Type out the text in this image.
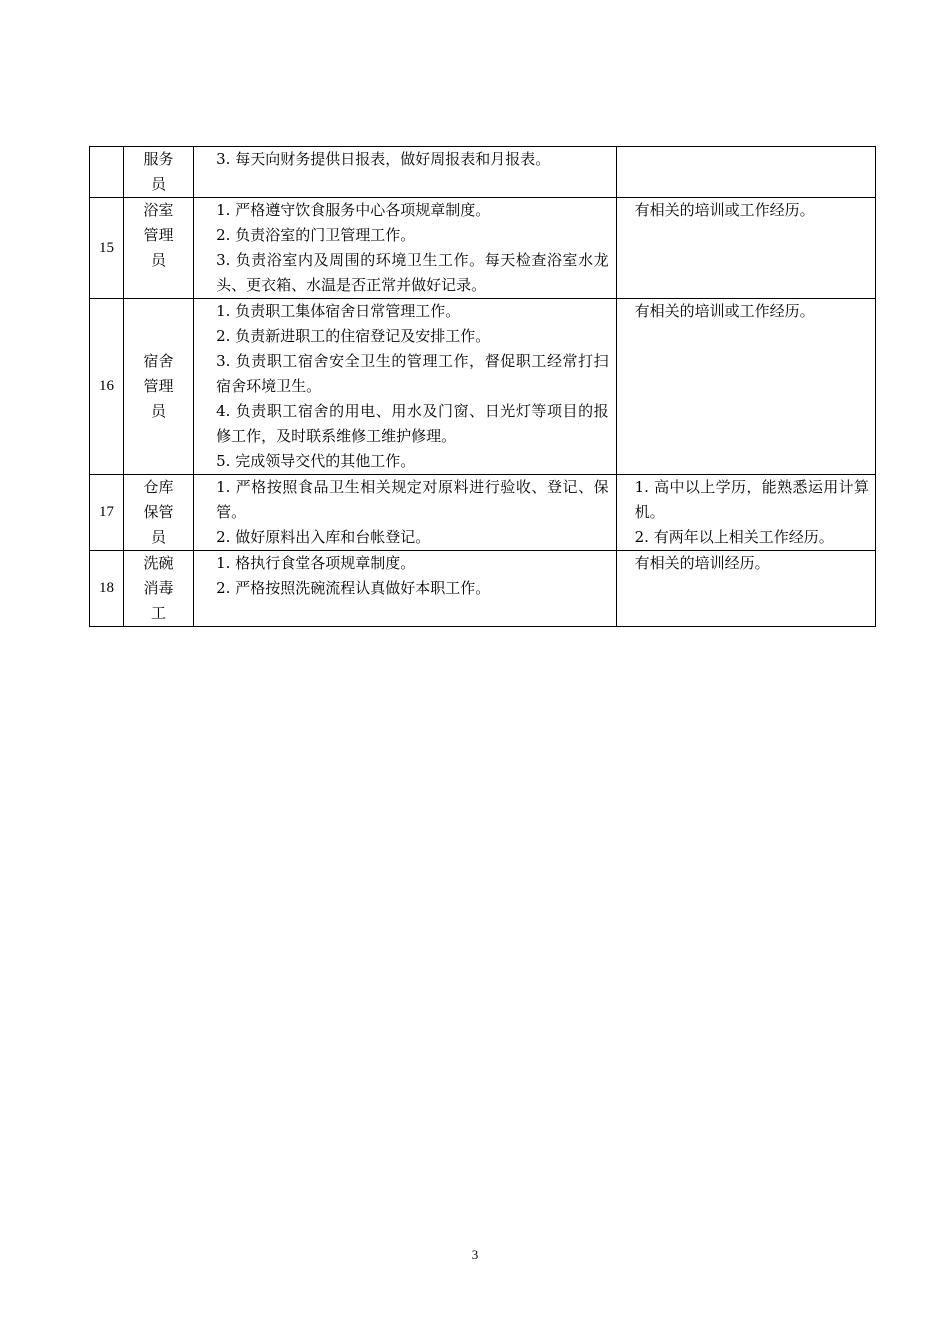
	服务员	3. 每天向财务提供日报表，做好周报表和月报表。	

15	浴室管理员	1. 严格遵守饮食服务中心各项规章制度。
2. 负责浴室的门卫管理工作。
3. 负责浴室内及周围的环境卫生工作。每天检查浴室水龙头、更衣箱、水温是否正常并做好记录。	有相关的培训或工作经历。

16	宿舍管理员	1. 负责职工集体宿舍日常管理工作。
2. 负责新进职工的住宿登记及安排工作。
3. 负责职工宿舍安全卫生的管理工作，督促职工经常打扫宿舍环境卫生。
4. 负责职工宿舍的用电、用水及门窗、日光灯等项目的报修工作，及时联系维修工维护修理。
5. 完成领导交代的其他工作。	有相关的培训或工作经历。

17	仓库保管员	1. 严格按照食品卫生相关规定对原料进行验收、登记、保管。
2. 做好原料出入库和台帐登记。	1. 高中以上学历，能熟悉运用计算机。
2. 有两年以上相关工作经历。

18	洗碗消毒工	1. 格执行食堂各项规章制度。
2. 严格按照洗碗流程认真做好本职工作。	有相关的培训经历。
3
